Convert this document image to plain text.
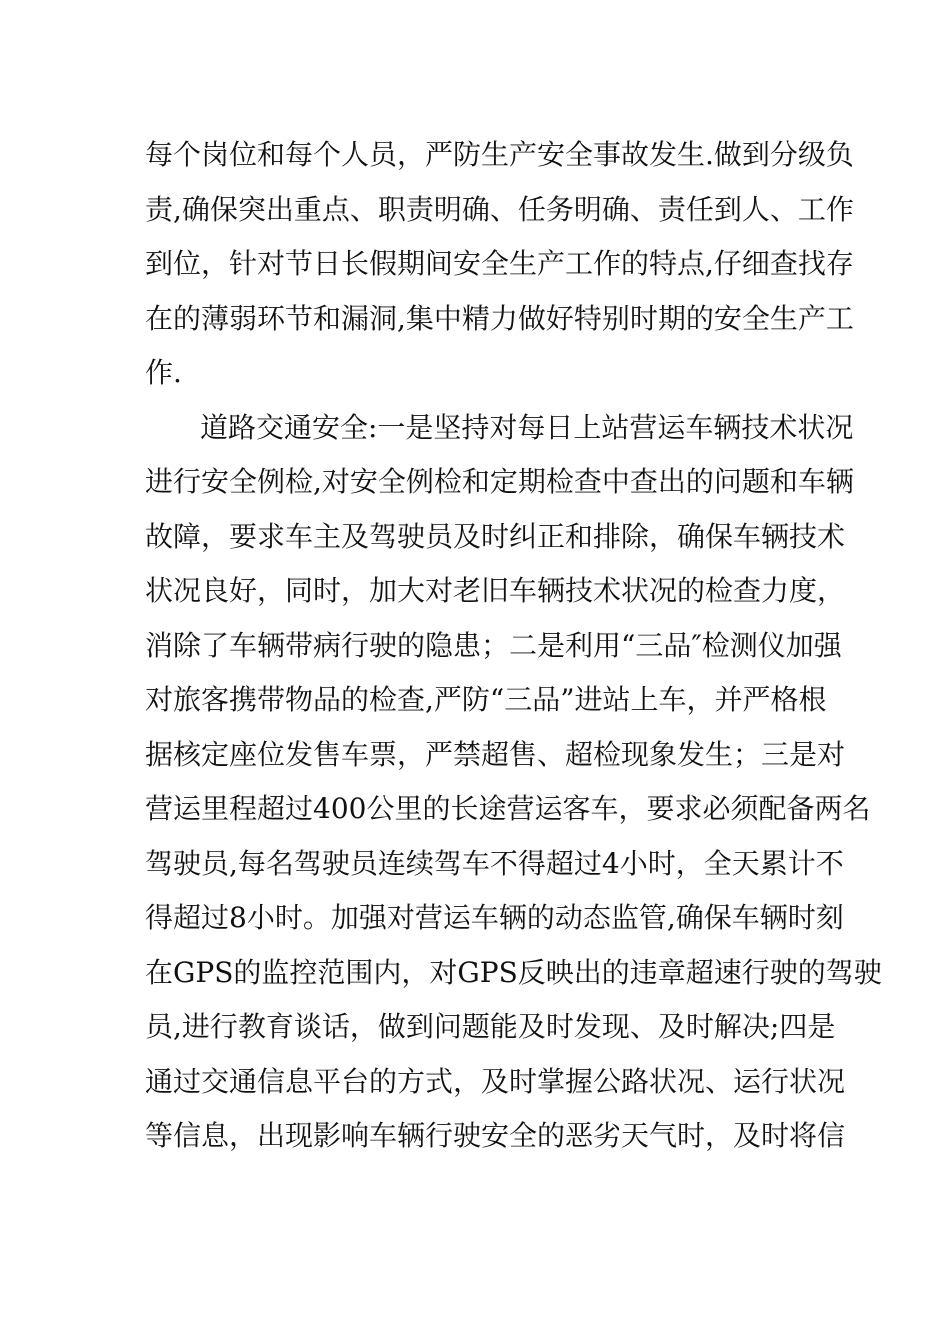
每个岗位和每个人员，严防生产安全事故发生.做到分级负
责,确保突出重点、职责明确、任务明确、责任到人、工作
到位，针对节日长假期间安全生产工作的特点,仔细查找存
在的薄弱环节和漏洞,集中精力做好特别时期的安全生产工
作.
道路交通安全:一是坚持对每日上站营运车辆技术状况
进行安全例检,对安全例检和定期检查中查出的问题和车辆
故障，要求车主及驾驶员及时纠正和排除，确保车辆技术
状况良好，同时，加大对老旧车辆技术状况的检查力度，
消除了车辆带病行驶的隐患；二是利用“三品″检测仪加强
对旅客携带物品的检查,严防“三品”进站上车，并严格根
据核定座位发售车票，严禁超售、超检现象发生；三是对
营运里程超过400公里的长途营运客车，要求必须配备两名
驾驶员,每名驾驶员连续驾车不得超过4小时，全天累计不
得超过8小时。加强对营运车辆的动态监管,确保车辆时刻
在GPS的监控范围内，对GPS反映出的违章超速行驶的驾驶
员,进行教育谈话，做到问题能及时发现、及时解决;四是
通过交通信息平台的方式，及时掌握公路状况、运行状况
等信息，出现影响车辆行驶安全的恶劣天气时，及时将信
